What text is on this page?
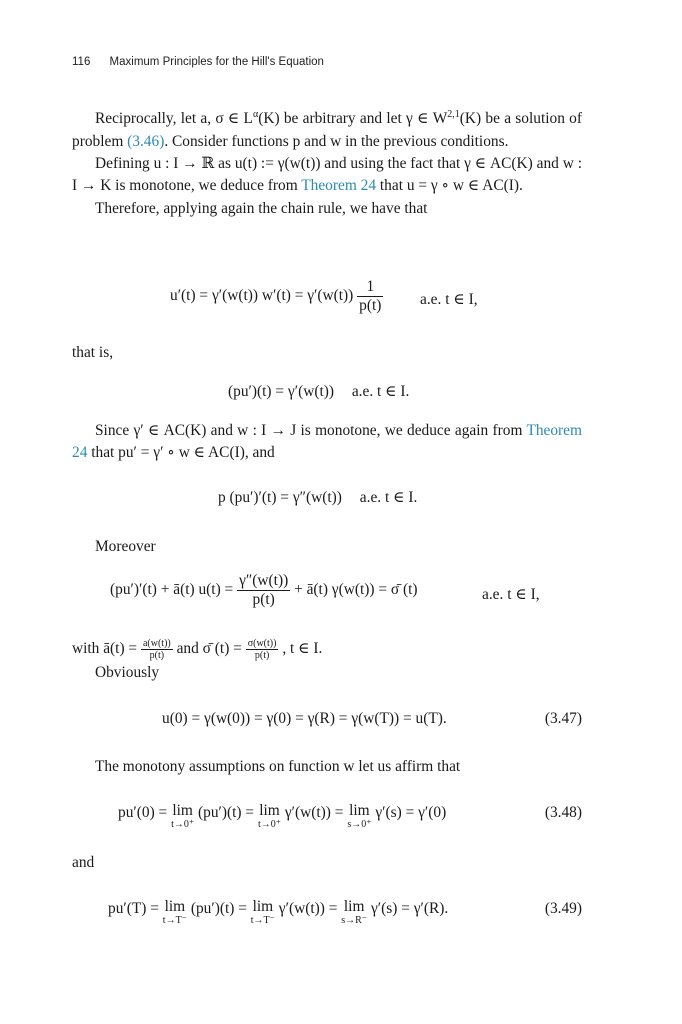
116 Maximum Principles for the Hill's Equation

Reciprocally, let a, σ ∈ $L^\alpha(K)$ be arbitrary and let γ ∈ W$^{2,1}$(K) be a solution of problem (3.46). Consider functions p and w in the previous conditions.

Defining u : I → ℝ as u(t) := γ(w(t)) and using the fact that γ ∈ AC(K) and w : I → K is monotone, we deduce from Theorem 24 that u = γ ∘ w ∈ AC(I).

Therefore, applying again the chain rule, we have that

u′(t) = γ′(w(t)) $w'(t) = \gamma'(w(t)) \frac{1}{p(t)} a.e$. t ∈ I,
that is,
(pu′)(t) = γ′(w(t)) a.e. t ∈ I.

Since γ′ ∈ AC(K) and w : I → J is monotone, we deduce again from Theorem 24 that pu′ = γ′ ∘ w ∈ AC(I), and

p (pu′)′(t) = γ″(w(t)) a.e. t ∈ I.

Moreover

(pu′)′(t) + ā(t) $u(t) = \frac{\gamma''(w(t))}{p(t)}$ + ā(t) γ(w(t)) = σ̄ (t)	a.e. t ∈ I,
with ā(t) = $\frac{a(w(t))}{p(t)}$ and σ̄ $(t) = \frac{\sigma(w(t))}{p(t)}$ , t ∈ I.

Obviously

u(0) = γ(w(0)) = γ(0) = γ(R) = γ(w(T)) = u(T).	(3.47)

The monotony assumptions on function w let us affirm that

pu′(0) = lim
t→0⁺
(pu′)(t) = lim
t→0⁺
γ′(w(t)) = lim
s→0⁺
γ′(s) = γ′(0)	(3.48)
and
pu′(T) = lim
t→T⁻
(pu′)(t) = lim
t→T⁻
γ′(w(t)) = lim
s→R⁻
γ′(s) = γ′(R).	(3.49)
